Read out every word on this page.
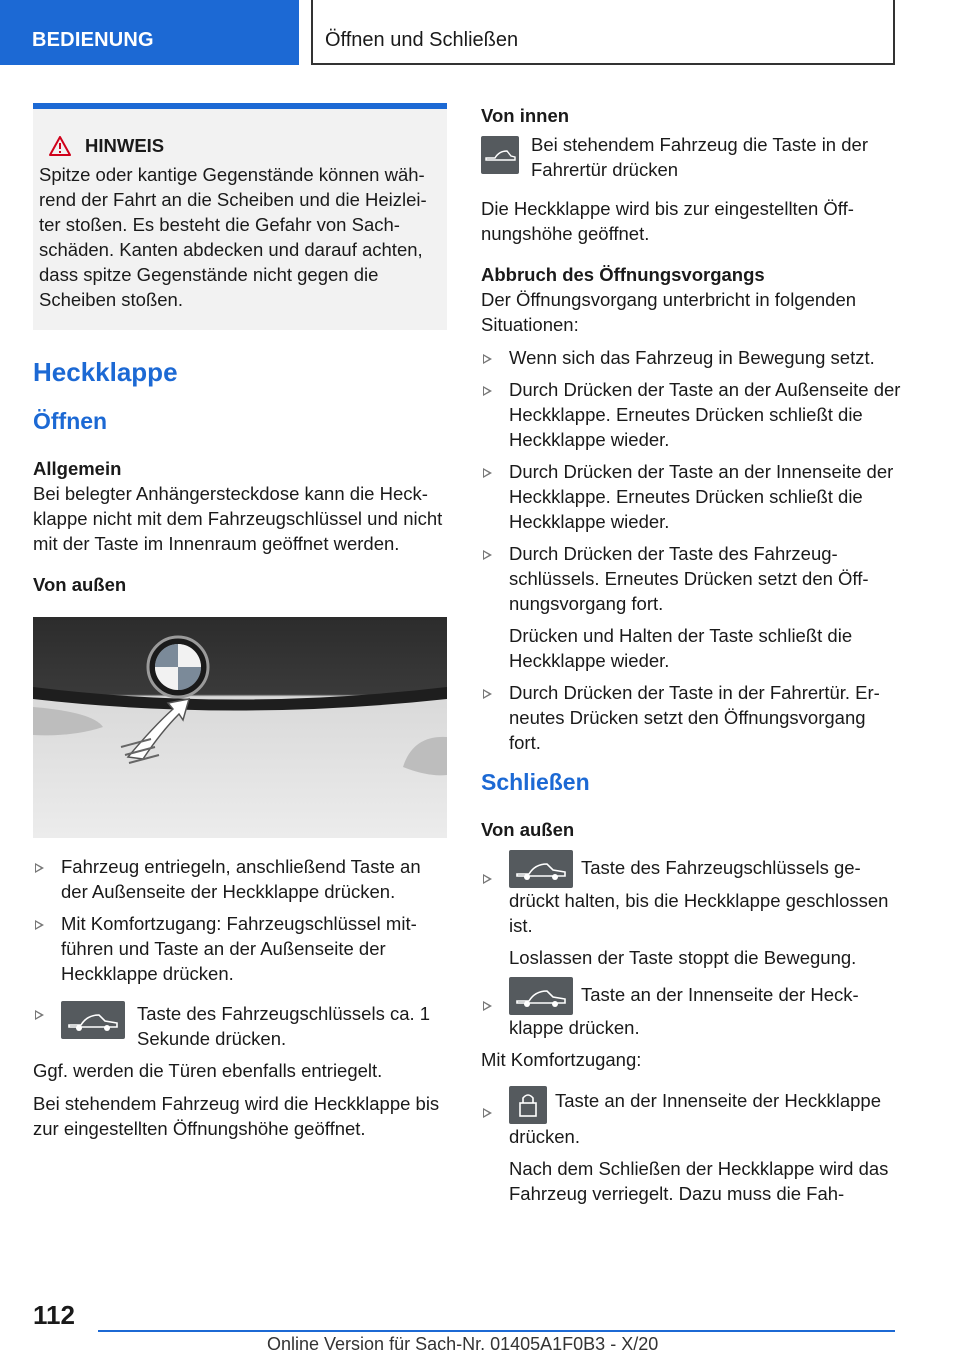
BEDIENUNG	Öffnen und Schließen
HINWEIS

Spitze oder kantige Gegenstände können während der Fahrt an die Scheiben und die Heizleiter stoßen. Es besteht die Gefahr von Sachschäden. Kanten abdecken und darauf achten, dass spitze Gegenstände nicht gegen die Scheiben stoßen.

Heckklappe
Öffnen
Allgemein

Bei belegter Anhängersteckdose kann die Heckklappe nicht mit dem Fahrzeugschlüssel und nicht mit der Taste im Innenraum geöffnet werden.

Von außen
Fahrzeug entriegeln, anschließend Taste an der Außenseite der Heckklappe drücken.
Mit Komfortzugang: Fahrzeugschlüssel mitführen und Taste an der Außenseite der Heckklappe drücken.
Taste des Fahrzeugschlüssels ca. 1 Sekunde drücken.

Ggf. werden die Türen ebenfalls entriegelt.

Bei stehendem Fahrzeug wird die Heckklappe bis zur eingestellten Öffnungshöhe geöffnet.

Von innen
Bei stehendem Fahrzeug die Taste in der Fahrertür drücken

Die Heckklappe wird bis zur eingestellten Öffnungshöhe geöffnet.

Abbruch des Öffnungsvorgangs

Der Öffnungsvorgang unterbricht in folgenden Situationen:

Wenn sich das Fahrzeug in Bewegung setzt.
Durch Drücken der Taste an der Außenseite der Heckklappe. Erneutes Drücken schließt die Heckklappe wieder.
Durch Drücken der Taste an der Innenseite der Heckklappe. Erneutes Drücken schließt die Heckklappe wieder.
Durch Drücken der Taste des Fahrzeugschlüssels. Erneutes Drücken setzt den Öffnungsvorgang fort.
Drücken und Halten der Taste schließt die Heckklappe wieder.
Durch Drücken der Taste in der Fahrertür. Erneutes Drücken setzt den Öffnungsvorgang fort.
Schließen
Von außen
Taste des Fahrzeugschlüssels gedrückt halten, bis die Heckklappe geschlossen ist.
Loslassen der Taste stoppt die Bewegung.
Taste an der Innenseite der Heckklappe drücken.

Mit Komfortzugang:

Taste an der Innenseite der Heckklappe drücken.
Nach dem Schließen der Heckklappe wird das Fahrzeug verriegelt. Dazu muss die Fah-
112
Online Version für Sach-Nr. 01405A1F0B3 - X/20
